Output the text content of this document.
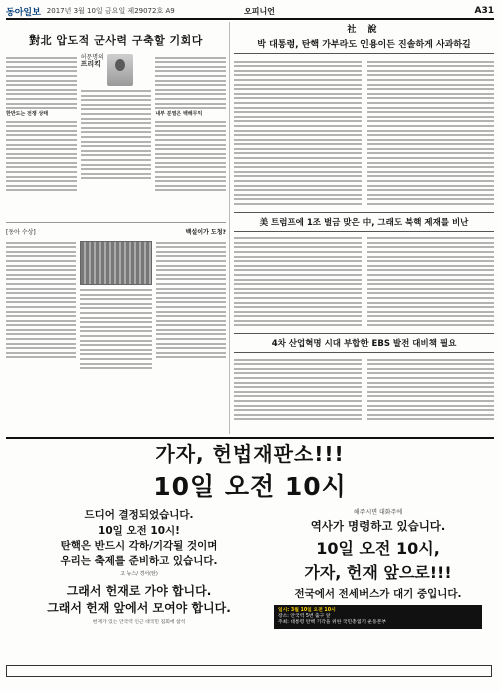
동아일보 2017년 3월 10일 금요일 제29072호 A9	오피니언	A31
對北 압도적 군사력 구축할 기회다
한반도는 전쟁 상태
허문명의
프리킥
내부 분열은 백해무익
[동아 수상]	백설이가 도청?
社 說
박 대통령, 탄핵 가부라도 인용이든 진솔하게 사과하길
美 트럼프에 1조 벌금 맞은 中, 그래도 북핵 제재를 비난
4차 산업혁명 시대 부합한 EBS 발전 대비책 필요
가자, 헌법재판소!!!
10일 오전 10시
드디어 결정되었습니다.
10일 오전 10시!
탄핵은 반드시 각하/기각될 것이며
우리는 축제를 준비하고 있습니다.
고 뉴스/ 경서(탄)
그래서 헌재로 가야 합니다.
그래서 헌재 앞에서 모여야 합니다.
헌재가 있는 안국역 인근 대국민 집회에 참석
해주시면 대화주에
역사가 명령하고 있습니다.
10일 오전 10시,
가자, 헌재 앞으로!!!
전국에서 전세버스가 대기 중입니다.
일시: 3월 10일 오전 10시
장소: 안국역 5번 출구 앞
주최: 대통령 탄핵 기각을 위한 국민총궐기 운동본부
